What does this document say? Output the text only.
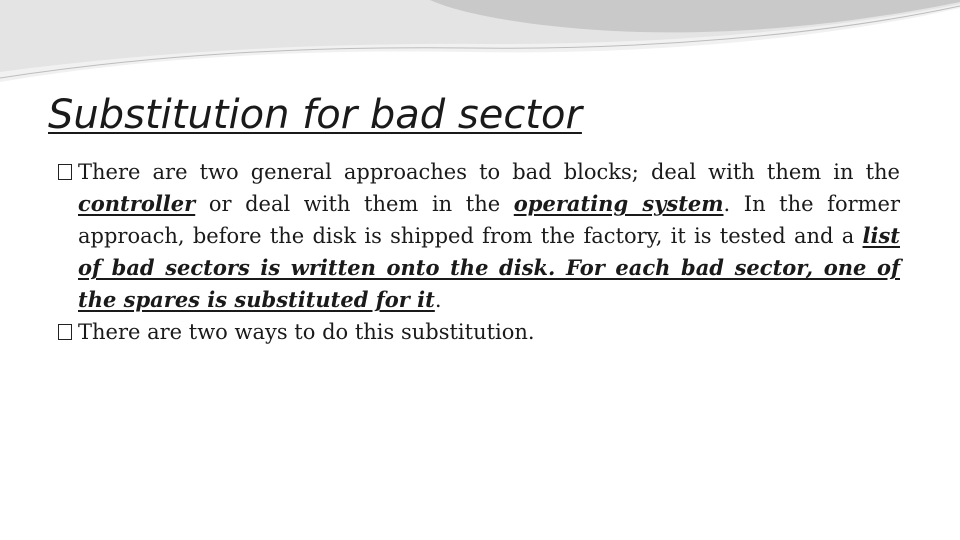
Substitution for bad sector
There are two general approaches to bad blocks; deal with them in the controller or deal with them in the operating system. In the former approach, before the disk is shipped from the factory, it is tested and a list of bad sectors is written onto the disk. For each bad sector, one of the spares is substituted for it.
There are two ways to do this substitution.
